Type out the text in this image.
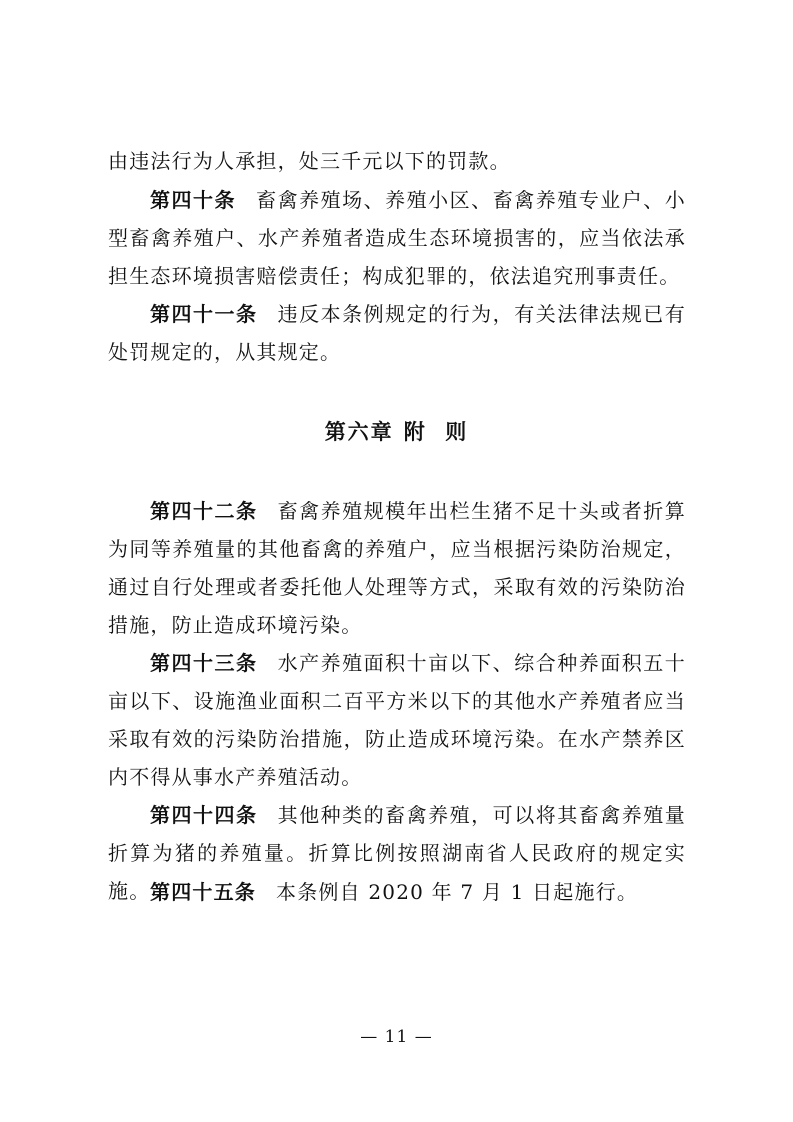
由违法行为人承担，处三千元以下的罚款。

第四十条 畜禽养殖场、养殖小区、畜禽养殖专业户、小型畜禽养殖户、水产养殖者造成生态环境损害的，应当依法承担生态环境损害赔偿责任；构成犯罪的，依法追究刑事责任。

第四十一条 违反本条例规定的行为，有关法律法规已有处罚规定的，从其规定。

第六章 附  则

第四十二条 畜禽养殖规模年出栏生猪不足十头或者折算为同等养殖量的其他畜禽的养殖户，应当根据污染防治规定，通过自行处理或者委托他人处理等方式，采取有效的污染防治措施，防止造成环境污染。

第四十三条 水产养殖面积十亩以下、综合种养面积五十亩以下、设施渔业面积二百平方米以下的其他水产养殖者应当采取有效的污染防治措施，防止造成环境污染。在水产禁养区内不得从事水产养殖活动。

第四十四条 其他种类的畜禽养殖，可以将其畜禽养殖量折算为猪的养殖量。折算比例按照湖南省人民政府的规定实施。 第四十五条 本条例自 2020 年 7 月 1 日起施行。

— 11 —
